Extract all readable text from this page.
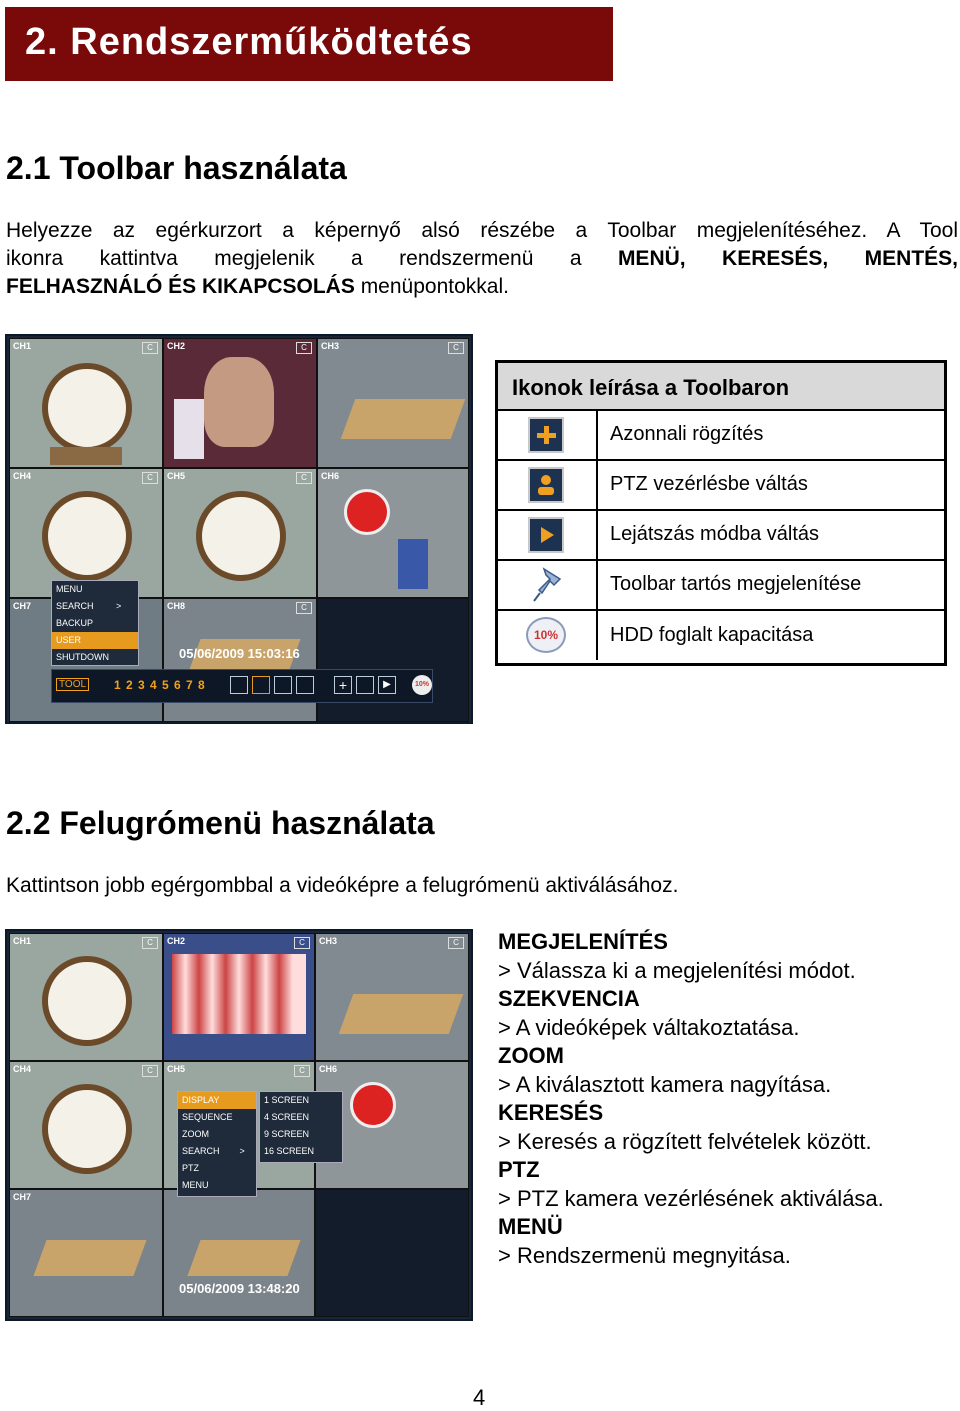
2. Rendszerműködtetés
2.1 Toolbar használata
Helyezze az egérkurzort a képernyő alsó részébe a Toolbar megjelenítéséhez. A Tool
ikonra kattintva megjelenik a rendszermenü a MENÜ, KERESÉS, MENTÉS,
FELHASZNÁLÓ ÉS KIKAPCSOLÁS menüpontokkal.
CH1	C	CH2	C	CH3	C
CH4	C	CH5	C	CH6
CH7	CH8	C
MENU
SEARCH	>
BACKUP
USER
SHUTDOWN	05/06/2009 15:03:16
TOOL 1 2 3 4 5 6 7 8	+	▶	10%
Ikonok leírása a Toolbaron
Azonnali rögzítés
PTZ vezérlésbe váltás
Lejátszás módba váltás
Toolbar tartós megjelenítése
10%	HDD foglalt kapacitása
2.2 Felugrómenü használata
Kattintson jobb egérgombbal a videóképre a felugrómenü aktiválásához.
CH1	C	CH2	C	CH3	C
CH4	C	CH5	C	CH6
CH7
DISPLAY
SEQUENCE
ZOOM
SEARCH >
PTZ
MENU
1 SCREEN
4 SCREEN
9 SCREEN
16 SCREEN
05/06/2009 13:48:20
MEGJELENÍTÉS
> Válassza ki a megjelenítési módot.
SZEKVENCIA
> A videóképek váltakoztatása.
ZOOM
> A kiválasztott kamera nagyítása.
KERESÉS
> Keresés a rögzített felvételek között.
PTZ
> PTZ kamera vezérlésének aktiválása.
MENÜ
> Rendszermenü megnyitása.
4
